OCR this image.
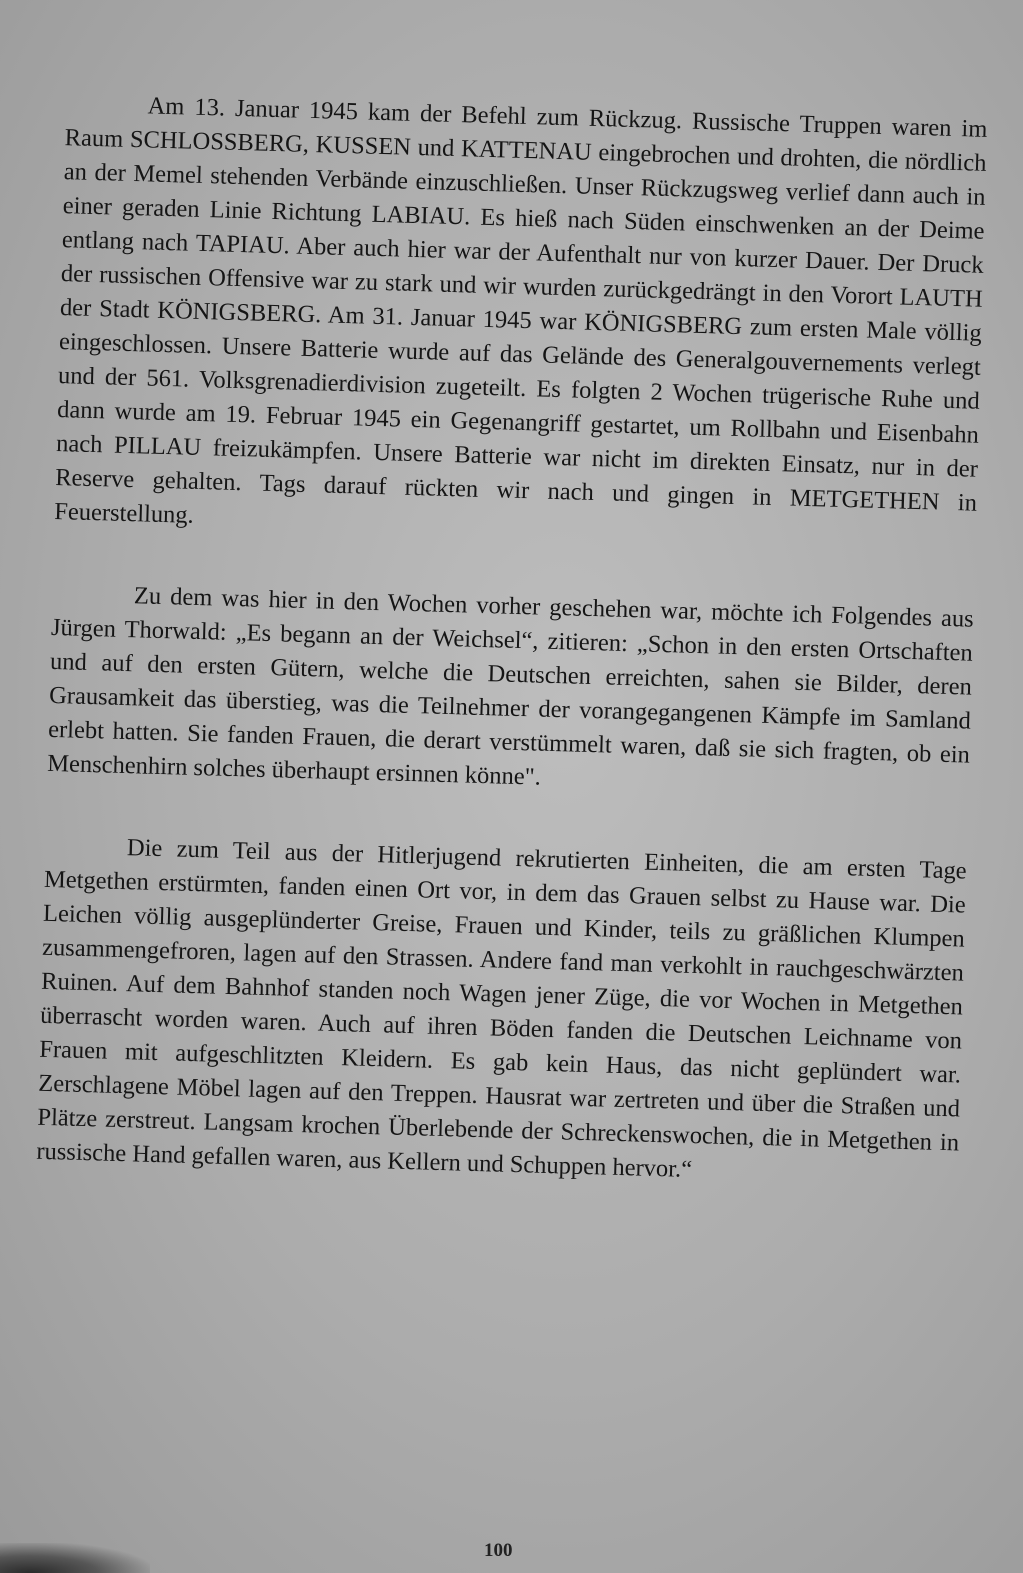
Am 13. Januar 1945 kam der Befehl zum Rückzug. Russische Truppen waren im Raum SCHLOSSBERG, KUSSEN und KATTENAU eingebrochen und drohten, die nördlich an der Memel stehenden Verbände einzuschließen. Unser Rückzugsweg verlief dann auch in einer geraden Linie Richtung LABIAU. Es hieß nach Süden einschwenken an der Deime entlang nach TAPIAU. Aber auch hier war der Aufenthalt nur von kurzer Dauer. Der Druck der russischen Offensive war zu stark und wir wurden zurückgedrängt in den Vorort LAUTH der Stadt KÖNIGSBERG. Am 31. Januar 1945 war KÖNIGSBERG zum ersten Male völlig eingeschlossen. Unsere Batterie wurde auf das Gelände des Generalgouvernements verlegt und der 561. Volksgrenadierdivision zugeteilt. Es folgten 2 Wochen trügerische Ruhe und dann wurde am 19. Februar 1945 ein Gegenangriff gestartet, um Rollbahn und Eisenbahn nach PILLAU freizukämpfen. Unsere Batterie war nicht im direkten Einsatz, nur in der Reserve gehalten. Tags darauf rückten wir nach und gingen in METGETHEN in Feuerstellung.

Zu dem was hier in den Wochen vorher geschehen war, möchte ich Folgendes aus Jürgen Thorwald: „Es begann an der Weichsel“, zitieren: „Schon in den ersten Ortschaften und auf den ersten Gütern, welche die Deutschen erreichten, sahen sie Bilder, deren Grausamkeit das überstieg, was die Teilnehmer der vorangegangenen Kämpfe im Samland erlebt hatten. Sie fanden Frauen, die derart verstümmelt waren, daß sie sich fragten, ob ein Menschenhirn solches überhaupt ersinnen könne".

Die zum Teil aus der Hitlerjugend rekrutierten Einheiten, die am ersten Tage Metgethen erstürmten, fanden einen Ort vor, in dem das Grauen selbst zu Hause war. Die Leichen völlig ausgeplünderter Greise, Frauen und Kinder, teils zu gräßlichen Klumpen zusammengefroren, lagen auf den Strassen. Andere fand man verkohlt in rauchgeschwärzten Ruinen. Auf dem Bahnhof standen noch Wagen jener Züge, die vor Wochen in Metgethen überrascht worden waren. Auch auf ihren Böden fanden die Deutschen Leichname von Frauen mit aufgeschlitzten Kleidern. Es gab kein Haus, das nicht geplündert war. Zerschlagene Möbel lagen auf den Treppen. Hausrat war zertreten und über die Straßen und Plätze zerstreut. Langsam krochen Überlebende der Schreckenswochen, die in Metgethen in russische Hand gefallen waren, aus Kellern und Schuppen hervor.“

100
